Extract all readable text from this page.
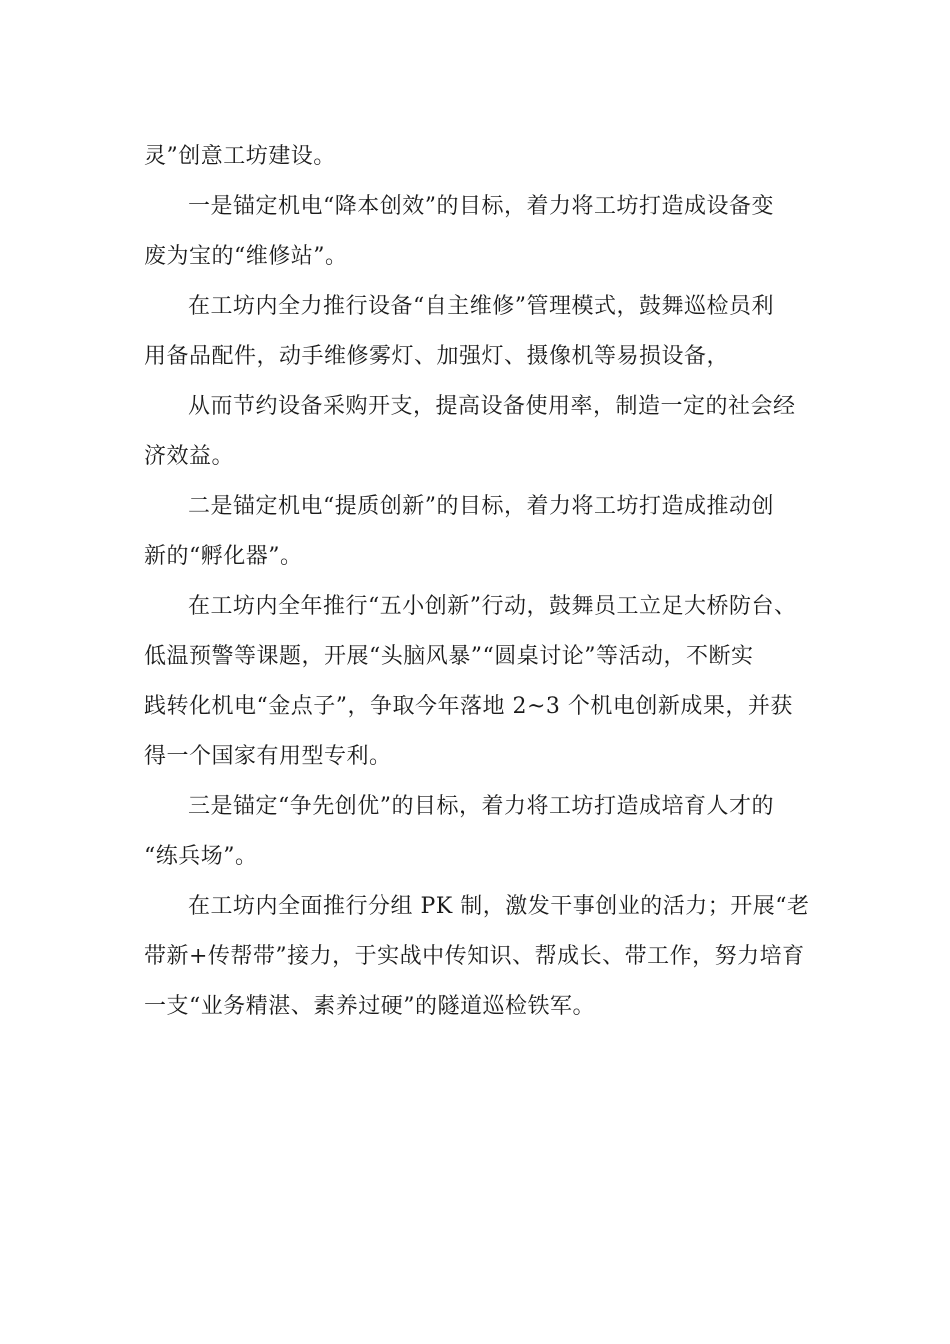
灵”创意工坊建设。

一是锚定机电“降本创效”的目标，着力将工坊打造成设备变
废为宝的“维修站”。

在工坊内全力推行设备“自主维修”管理模式，鼓舞巡检员利
用备品配件，动手维修雾灯、加强灯、摄像机等易损设备，

从而节约设备采购开支，提高设备使用率，制造一定的社会经
济效益。

二是锚定机电“提质创新”的目标，着力将工坊打造成推动创
新的“孵化器”。

在工坊内全年推行“五小创新”行动，鼓舞员工立足大桥防台、
低温预警等课题，开展“头脑风暴”“圆桌讨论”等活动，不断实
践转化机电“金点子”，争取今年落地 2~3 个机电创新成果，并获
得一个国家有用型专利。

三是锚定“争先创优”的目标，着力将工坊打造成培育人才的
“练兵场”。

在工坊内全面推行分组 PK 制，激发干事创业的活力；开展“老
带新+传帮带”接力，于实战中传知识、帮成长、带工作，努力培育
一支“业务精湛、素养过硬”的隧道巡检铁军。
